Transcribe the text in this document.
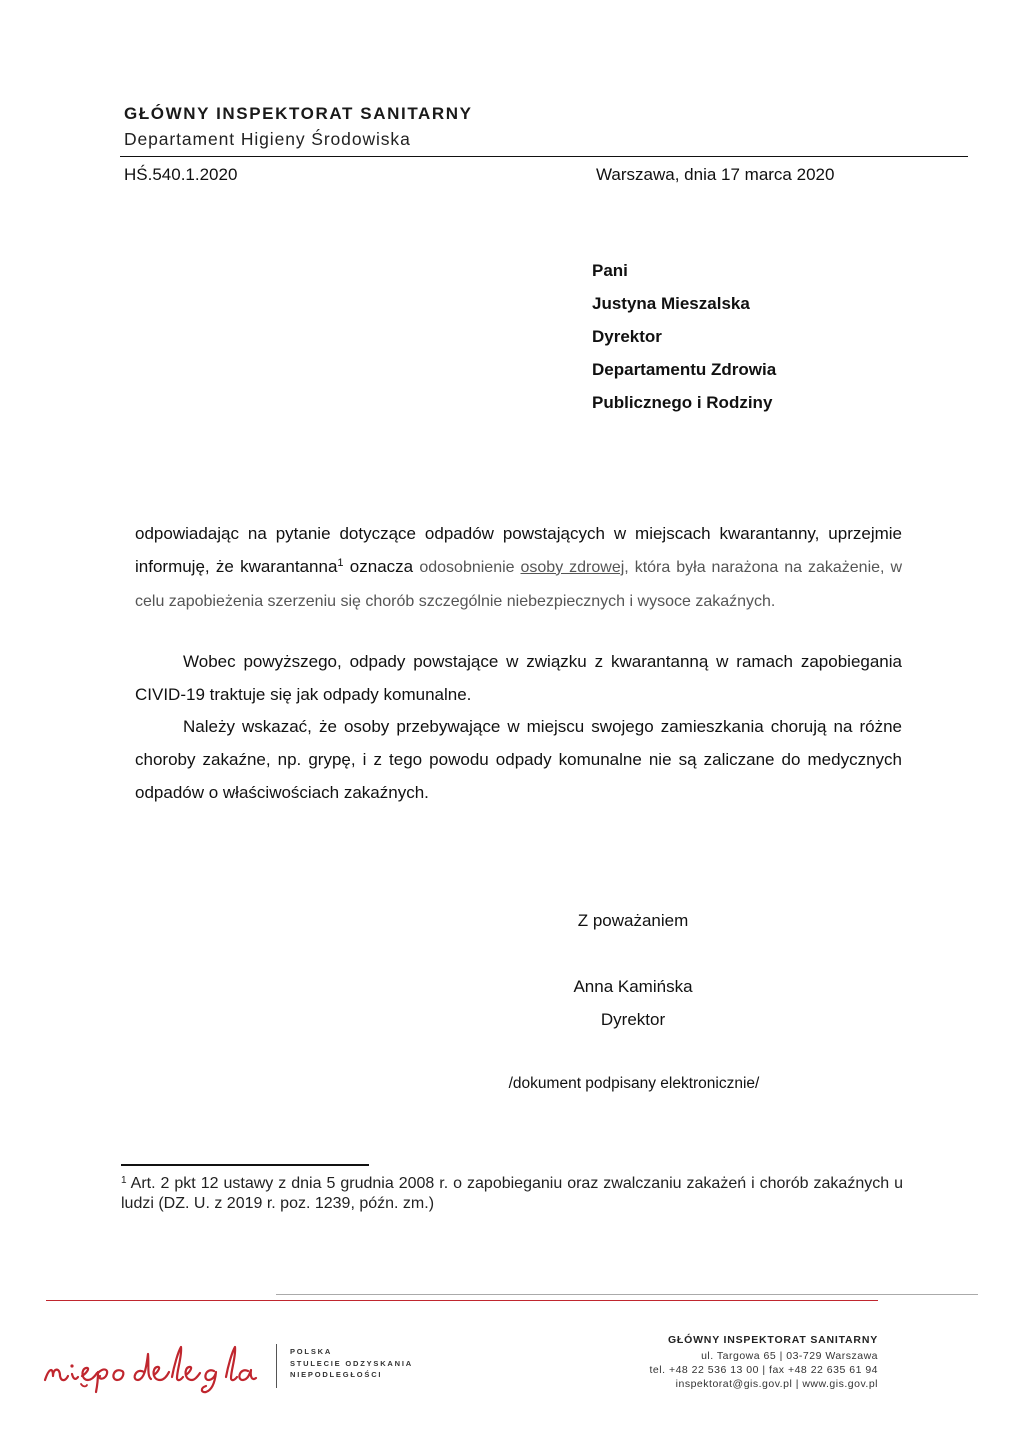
GŁÓWNY INSPEKTORAT SANITARNY
Departament Higieny Środowiska
HŚ.540.1.2020	Warszawa, dnia 17 marca 2020
Pani
Justyna Mieszalska
Dyrektor
Departamentu Zdrowia
Publicznego i Rodziny
odpowiadając na pytanie dotyczące odpadów powstających w miejscach kwarantanny, uprzejmie informuję, że kwarantanna$^1$ oznacza odosobnienie osoby zdrowej, która była narażona na zakażenie, w celu zapobieżenia szerzeniu się chorób szczególnie niebezpiecznych i wysoce zakaźnych.
Wobec powyższego, odpady powstające w związku z kwarantanną w ramach zapobiegania CIVID-19 traktuje się jak odpady komunalne.
Należy wskazać, że osoby przebywające w miejscu swojego zamieszkania chorują na różne choroby zakaźne, np. grypę, i z tego powodu odpady komunalne nie są zaliczane do medycznych odpadów o właściwościach zakaźnych.
Z poważaniem
Anna Kamińska
Dyrektor
/dokument podpisany elektronicznie/
$^1$ Art. 2 pkt 12 ustawy z dnia 5 grudnia 2008 r. o zapobieganiu oraz zwalczaniu zakażeń i chorób zakaźnych u ludzi (DZ. U. z 2019 r. poz. 1239, późn. zm.)
POLSKA
STULECIE ODZYSKANIA
NIEPODLEGŁOŚCI
GŁÓWNY INSPEKTORAT SANITARNY
ul. Targowa 65 | 03-729 Warszawa
tel. +48 22 536 13 00 | fax +48 22 635 61 94
inspektorat@gis.gov.pl | www.gis.gov.pl
